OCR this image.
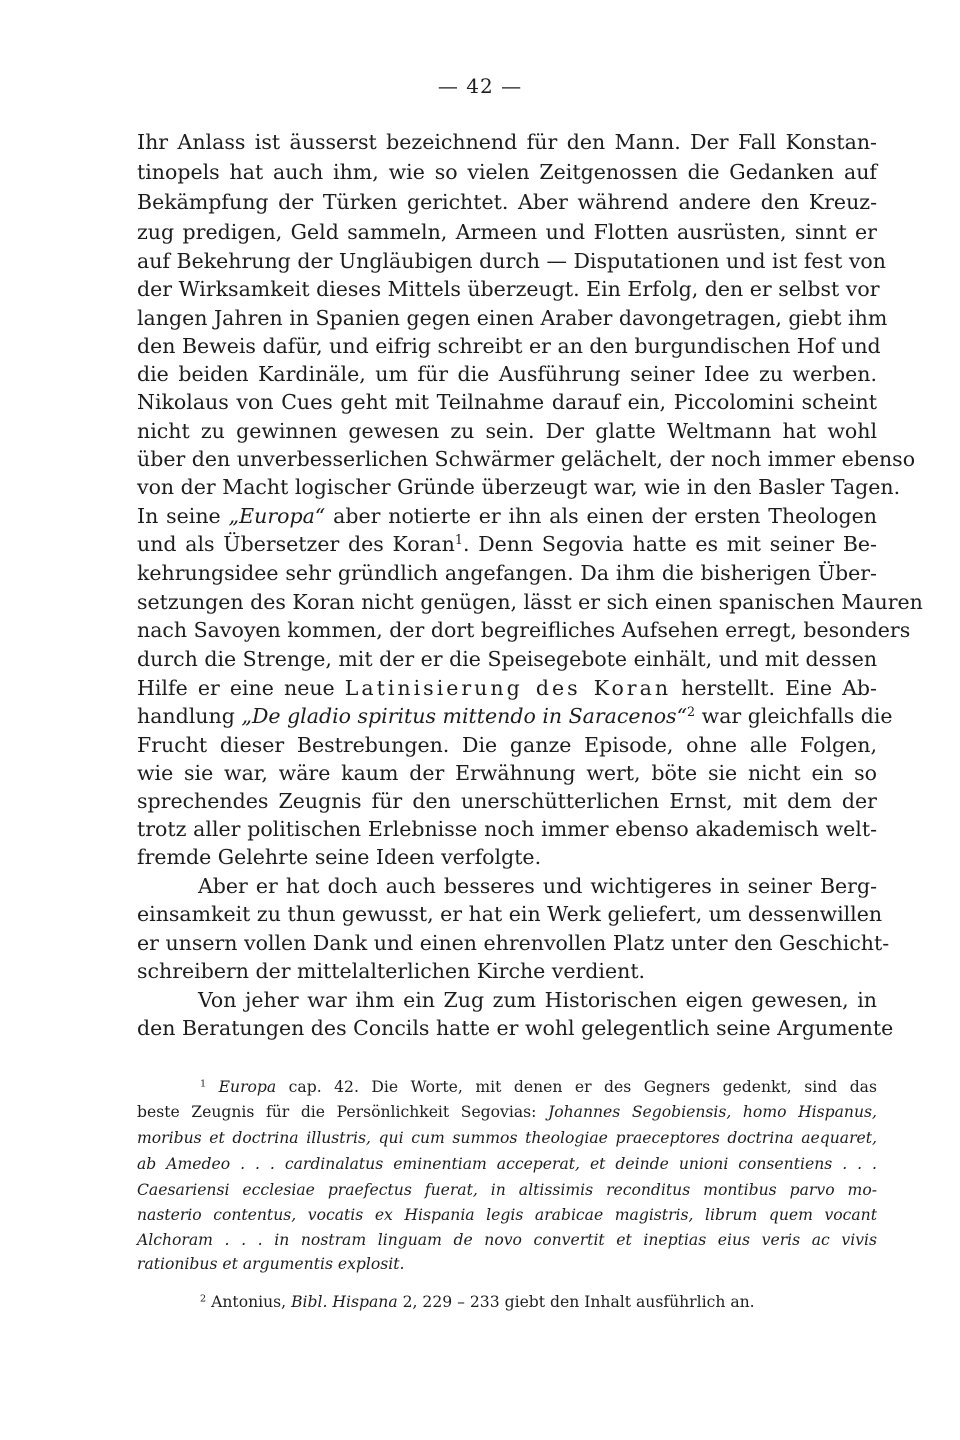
— 42 —
Ihr Anlass ist äusserst bezeichnend für den Mann. Der Fall Konstan-
tinopels hat auch ihm, wie so vielen Zeitgenossen die Gedanken auf
Bekämpfung der Türken gerichtet. Aber während andere den Kreuz-
zug predigen, Geld sammeln, Armeen und Flotten ausrüsten, sinnt er
auf Bekehrung der Ungläubigen durch — Disputationen und ist fest von
der Wirksamkeit dieses Mittels überzeugt. Ein Erfolg, den er selbst vor
langen Jahren in Spanien gegen einen Araber davongetragen, giebt ihm
den Beweis dafür, und eifrig schreibt er an den burgundischen Hof und
die beiden Kardinäle, um für die Ausführung seiner Idee zu werben.
Nikolaus von Cues geht mit Teilnahme darauf ein, Piccolomini scheint
nicht zu gewinnen gewesen zu sein. Der glatte Weltmann hat wohl
über den unverbesserlichen Schwärmer gelächelt, der noch immer ebenso
von der Macht logischer Gründe überzeugt war, wie in den Basler Tagen.
In seine „Europa“ aber notierte er ihn als einen der ersten Theologen
und als Übersetzer des Koran$^1$. Denn Segovia hatte es mit seiner Be-
kehrungsidee sehr gründlich angefangen. Da ihm die bisherigen Über-
setzungen des Koran nicht genügen, lässt er sich einen spanischen Mauren
nach Savoyen kommen, der dort begreifliches Aufsehen erregt, besonders
durch die Strenge, mit der er die Speisegebote einhält, und mit dessen
Hilfe er eine neue Latinisierung des Koran herstellt. Eine Ab-
handlung „De gladio spiritus mittendo in Saracenos“$^2$ war gleichfalls die
Frucht dieser Bestrebungen. Die ganze Episode, ohne alle Folgen,
wie sie war, wäre kaum der Erwähnung wert, böte sie nicht ein so
sprechendes Zeugnis für den unerschütterlichen Ernst, mit dem der
trotz aller politischen Erlebnisse noch immer ebenso akademisch welt-
fremde Gelehrte seine Ideen verfolgte.
Aber er hat doch auch besseres und wichtigeres in seiner Berg-
einsamkeit zu thun gewusst, er hat ein Werk geliefert, um dessenwillen
er unsern vollen Dank und einen ehrenvollen Platz unter den Geschicht-
schreibern der mittelalterlichen Kirche verdient.
Von jeher war ihm ein Zug zum Historischen eigen gewesen, in
den Beratungen des Concils hatte er wohl gelegentlich seine Argumente
$^1$ Europa cap. 42. Die Worte, mit denen er des Gegners gedenkt, sind das
beste Zeugnis für die Persönlichkeit Segovias: Johannes Segobiensis, homo Hispanus,
moribus et doctrina illustris, qui cum summos theologiae praeceptores doctrina aequaret,
ab Amedeo . . . cardinalatus eminentiam acceperat, et deinde unioni consentiens . . .
Caesariensi ecclesiae praefectus fuerat, in altissimis reconditus montibus parvo mo-
nasterio contentus, vocatis ex Hispania legis arabicae magistris, librum quem vocant
Alchoram . . . in nostram linguam de novo convertit et ineptias eius veris ac vivis
rationibus et argumentis explosit.
$^2$ Antonius, Bibl. Hispana 2, 229 – 233 giebt den Inhalt ausführlich an.
